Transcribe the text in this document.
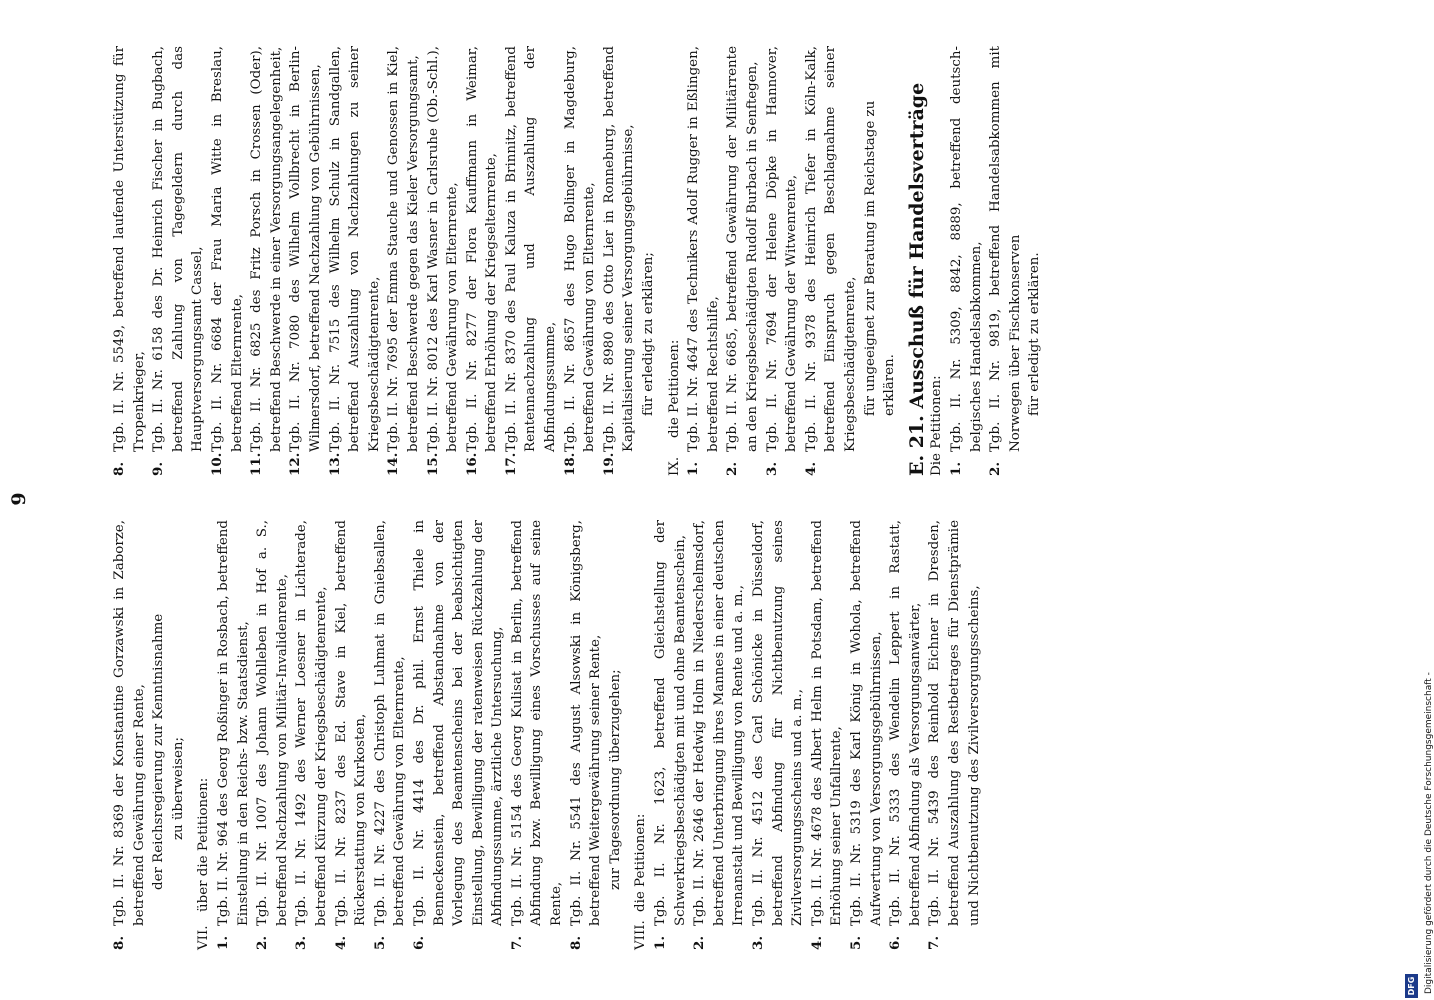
9
8.
Tgb. II. Nr. 8369 der Konstantine Gorzawski in Zaborze, betreffend Gewährung einer Rente, der Reichsregierung zur Kenntnisnahme zu überweisen;
VII.
über die Petitionen:
1.
Tgb. II. Nr. 964 des Georg Roßinger in Rosbach, betreffend Einstellung in den Reichs- bzw. Staatsdienst,
2.
Tgb. II. Nr. 1007 des Johann Wohlleben in Hof a. S., betreffend Nachzahlung von Militär-Invalidenrente,
3.
Tgb. II. Nr. 1492 des Werner Loesner in Lichterade, betreffend Kürzung der Kriegsbeschädigtenrente,
4.
Tgb. II. Nr. 8237 des Ed. Stave in Kiel, betreffend Rückerstattung von Kurkosten,
5.
Tgb. II. Nr. 4227 des Christoph Luhmat in Gniebsallen, betreffend Gewährung von Elternrente,
6.
Tgb. II. Nr. 4414 des Dr. phil. Ernst Thiele in Benneckenstein, betreffend Abstandnahme von der Vorlegung des Beamtenscheins bei der beabsichtigten Einstellung, Bewilligung der ratenweisen Rückzahlung der Abfindungssumme, ärztliche Untersuchung,
7.
Tgb. II. Nr. 5154 des Georg Kulisat in Berlin, betreffend Abfindung bzw. Bewilligung eines Vorschusses auf seine Rente,
8.
Tgb. II. Nr. 5541 des August Alsowski in Königsberg, betreffend Weitergewährung seiner Rente, zur Tagesordnung überzugehen;
VIII.
die Petitionen:
1.
Tgb. II. Nr. 1623, betreffend Gleichstellung der Schwerkriegsbeschädigten mit und ohne Beamtenschein,
2.
Tgb. II. Nr. 2646 der Hedwig Holm in Niederschelmsdorf, betreffend Unterbringung ihres Mannes in einer deutschen Irrenanstalt und Bewilligung von Rente und a. m.,
3.
Tgb. II. Nr. 4512 des Carl Schönicke in Düsseldorf, betreffend Abfindung für Nichtbenutzung seines Zivilversorgungsscheins und a. m.,
4.
Tgb. II. Nr. 4678 des Albert Helm in Potsdam, betreffend Erhöhung seiner Unfallrente,
5.
Tgb. II. Nr. 5319 des Karl König in Wohola, betreffend Aufwertung von Versorgungsgebührnissen,
6.
Tgb. II. Nr. 5333 des Wendelin Leppert in Rastatt, betreffend Abfindung als Versorgungsanwärter,
7.
Tgb. II. Nr. 5439 des Reinhold Eichner in Dresden, betreffend Auszahlung des Restbetrages für Dienstprämie und Nichtbenutzung des Zivilversorgungsscheins,
8.
Tgb. II. Nr. 5549, betreffend laufende Unterstützung für Tropenkrieger,
9.
Tgb. II. Nr. 6158 des Dr. Heinrich Fischer in Bugbach, betreffend Zahlung von Tagegeldern durch das Hauptversorgungsamt Cassel,
10.
Tgb. II. Nr. 6684 der Frau Maria Witte in Breslau, betreffend Elternrente,
11.
Tgb. II. Nr. 6825 des Fritz Porsch in Crossen (Oder), betreffend Beschwerde in einer Versorgungsangelegenheit,
12.
Tgb. II. Nr. 7080 des Wilhelm Vollbrecht in Berlin-Wilmersdorf, betreffend Nachzahlung von Gebührnissen,
13.
Tgb. II. Nr. 7515 des Wilhelm Schulz in Sandgallen, betreffend Auszahlung von Nachzahlungen zu seiner Kriegsbeschädigtenrente,
14.
Tgb. II. Nr. 7695 der Emma Stauche und Genossen in Kiel, betreffend Beschwerde gegen das Kieler Versorgungsamt,
15.
Tgb. II. Nr. 8012 des Karl Wasner in Carlsruhe (Ob.-Schl.), betreffend Gewährung von Elternrente,
16.
Tgb. II. Nr. 8277 der Flora Kauffmann in Weimar, betreffend Erhöhung der Kriegselternrente,
17.
Tgb. II. Nr. 8370 des Paul Kaluza in Brinnitz, betreffend Rentennachzahlung und Auszahlung der Abfindungssumme,
18.
Tgb. II. Nr. 8657 des Hugo Bolinger in Magdeburg, betreffend Gewährung von Elternrente,
19.
Tgb. II. Nr. 8980 des Otto Lier in Ronneburg, betreffend Kapitalisierung seiner Versorgungsgebührnisse, für erledigt zu erklären;
IX.
die Petitionen:
1.
Tgb. II. Nr. 4647 des Technikers Adolf Rugger in Eßlingen, betreffend Rechtshilfe,
2.
Tgb. II. Nr. 6685, betreffend Gewährung der Militärrente an den Kriegsbeschädigten Rudolf Burbach in Senftegen,
3.
Tgb. II. Nr. 7694 der Helene Döpke in Hannover, betreffend Gewährung der Witwenrente,
4.
Tgb. II. Nr. 9378 des Heinrich Tiefer in Köln-Kalk, betreffend Einspruch gegen Beschlagnahme seiner Kriegsbeschädigtenrente, für ungeeignet zur Beratung im Reichstage zu erklären. E. 21. Ausschuß für Handelsverträge Die Petitionen: 1.
Tgb. II. Nr. 5309, 8842, 8889, betreffend deutsch-belgisches Handelsabkommen,
2.
Tgb. II. Nr. 9819, betreffend Handelsabkommen mit Norwegen über Fischkonserven für erledigt zu erklären.
DFG Digitalisierung gefördert durch die Deutsche Forschungsgemeinschaft -
